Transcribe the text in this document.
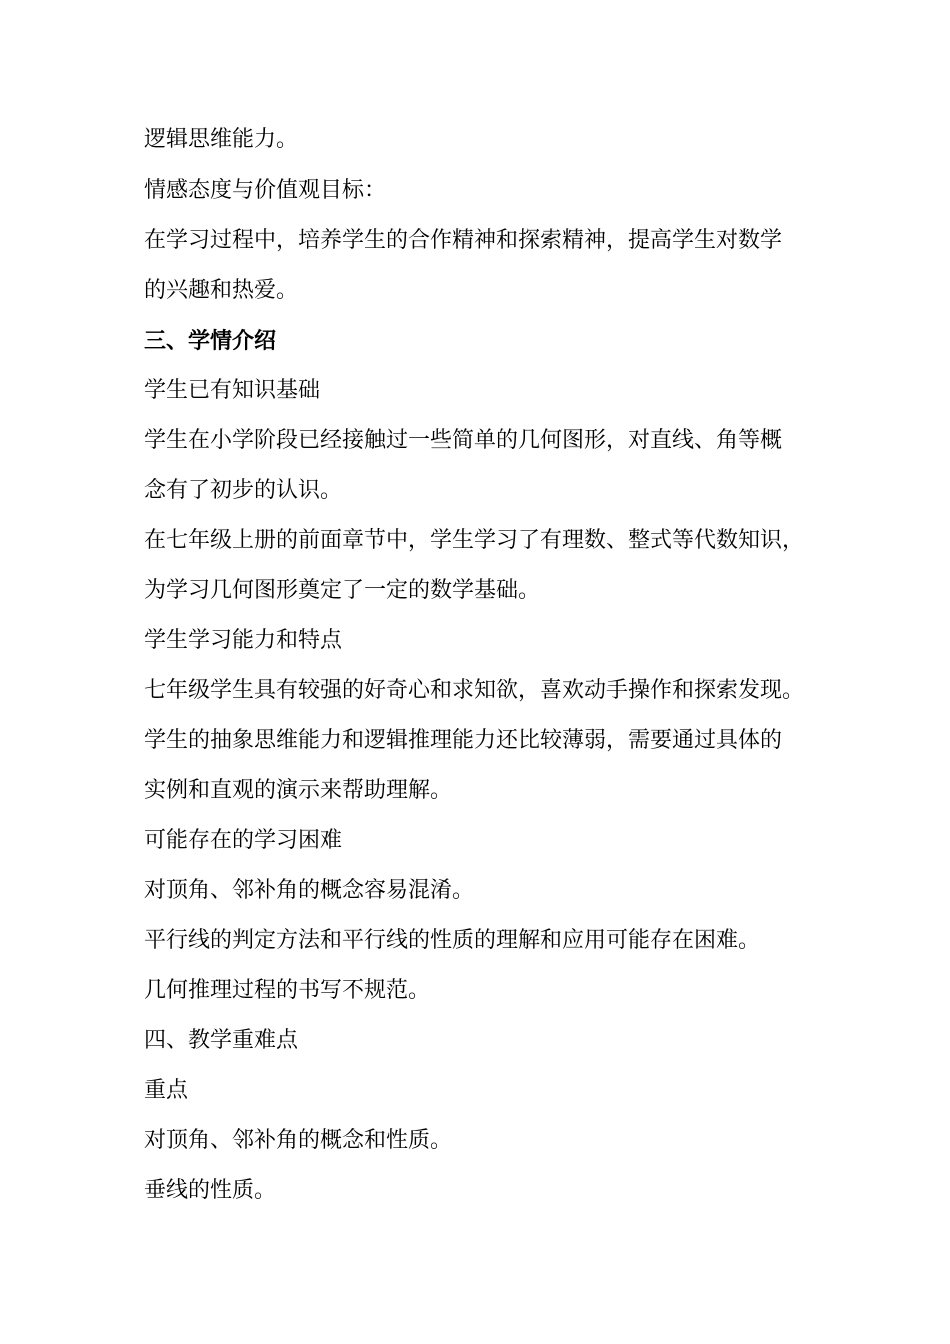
逻辑思维能力。
情感态度与价值观目标：
在学习过程中，培养学生的合作精神和探索精神，提高学生对数学
的兴趣和热爱。
三、学情介绍
学生已有知识基础
学生在小学阶段已经接触过一些简单的几何图形，对直线、角等概
念有了初步的认识。
在七年级上册的前面章节中，学生学习了有理数、整式等代数知识，
为学习几何图形奠定了一定的数学基础。
学生学习能力和特点
七年级学生具有较强的好奇心和求知欲，喜欢动手操作和探索发现。
学生的抽象思维能力和逻辑推理能力还比较薄弱，需要通过具体的
实例和直观的演示来帮助理解。
可能存在的学习困难
对顶角、邻补角的概念容易混淆。
平行线的判定方法和平行线的性质的理解和应用可能存在困难。
几何推理过程的书写不规范。
四、教学重难点
重点
对顶角、邻补角的概念和性质。
垂线的性质。
